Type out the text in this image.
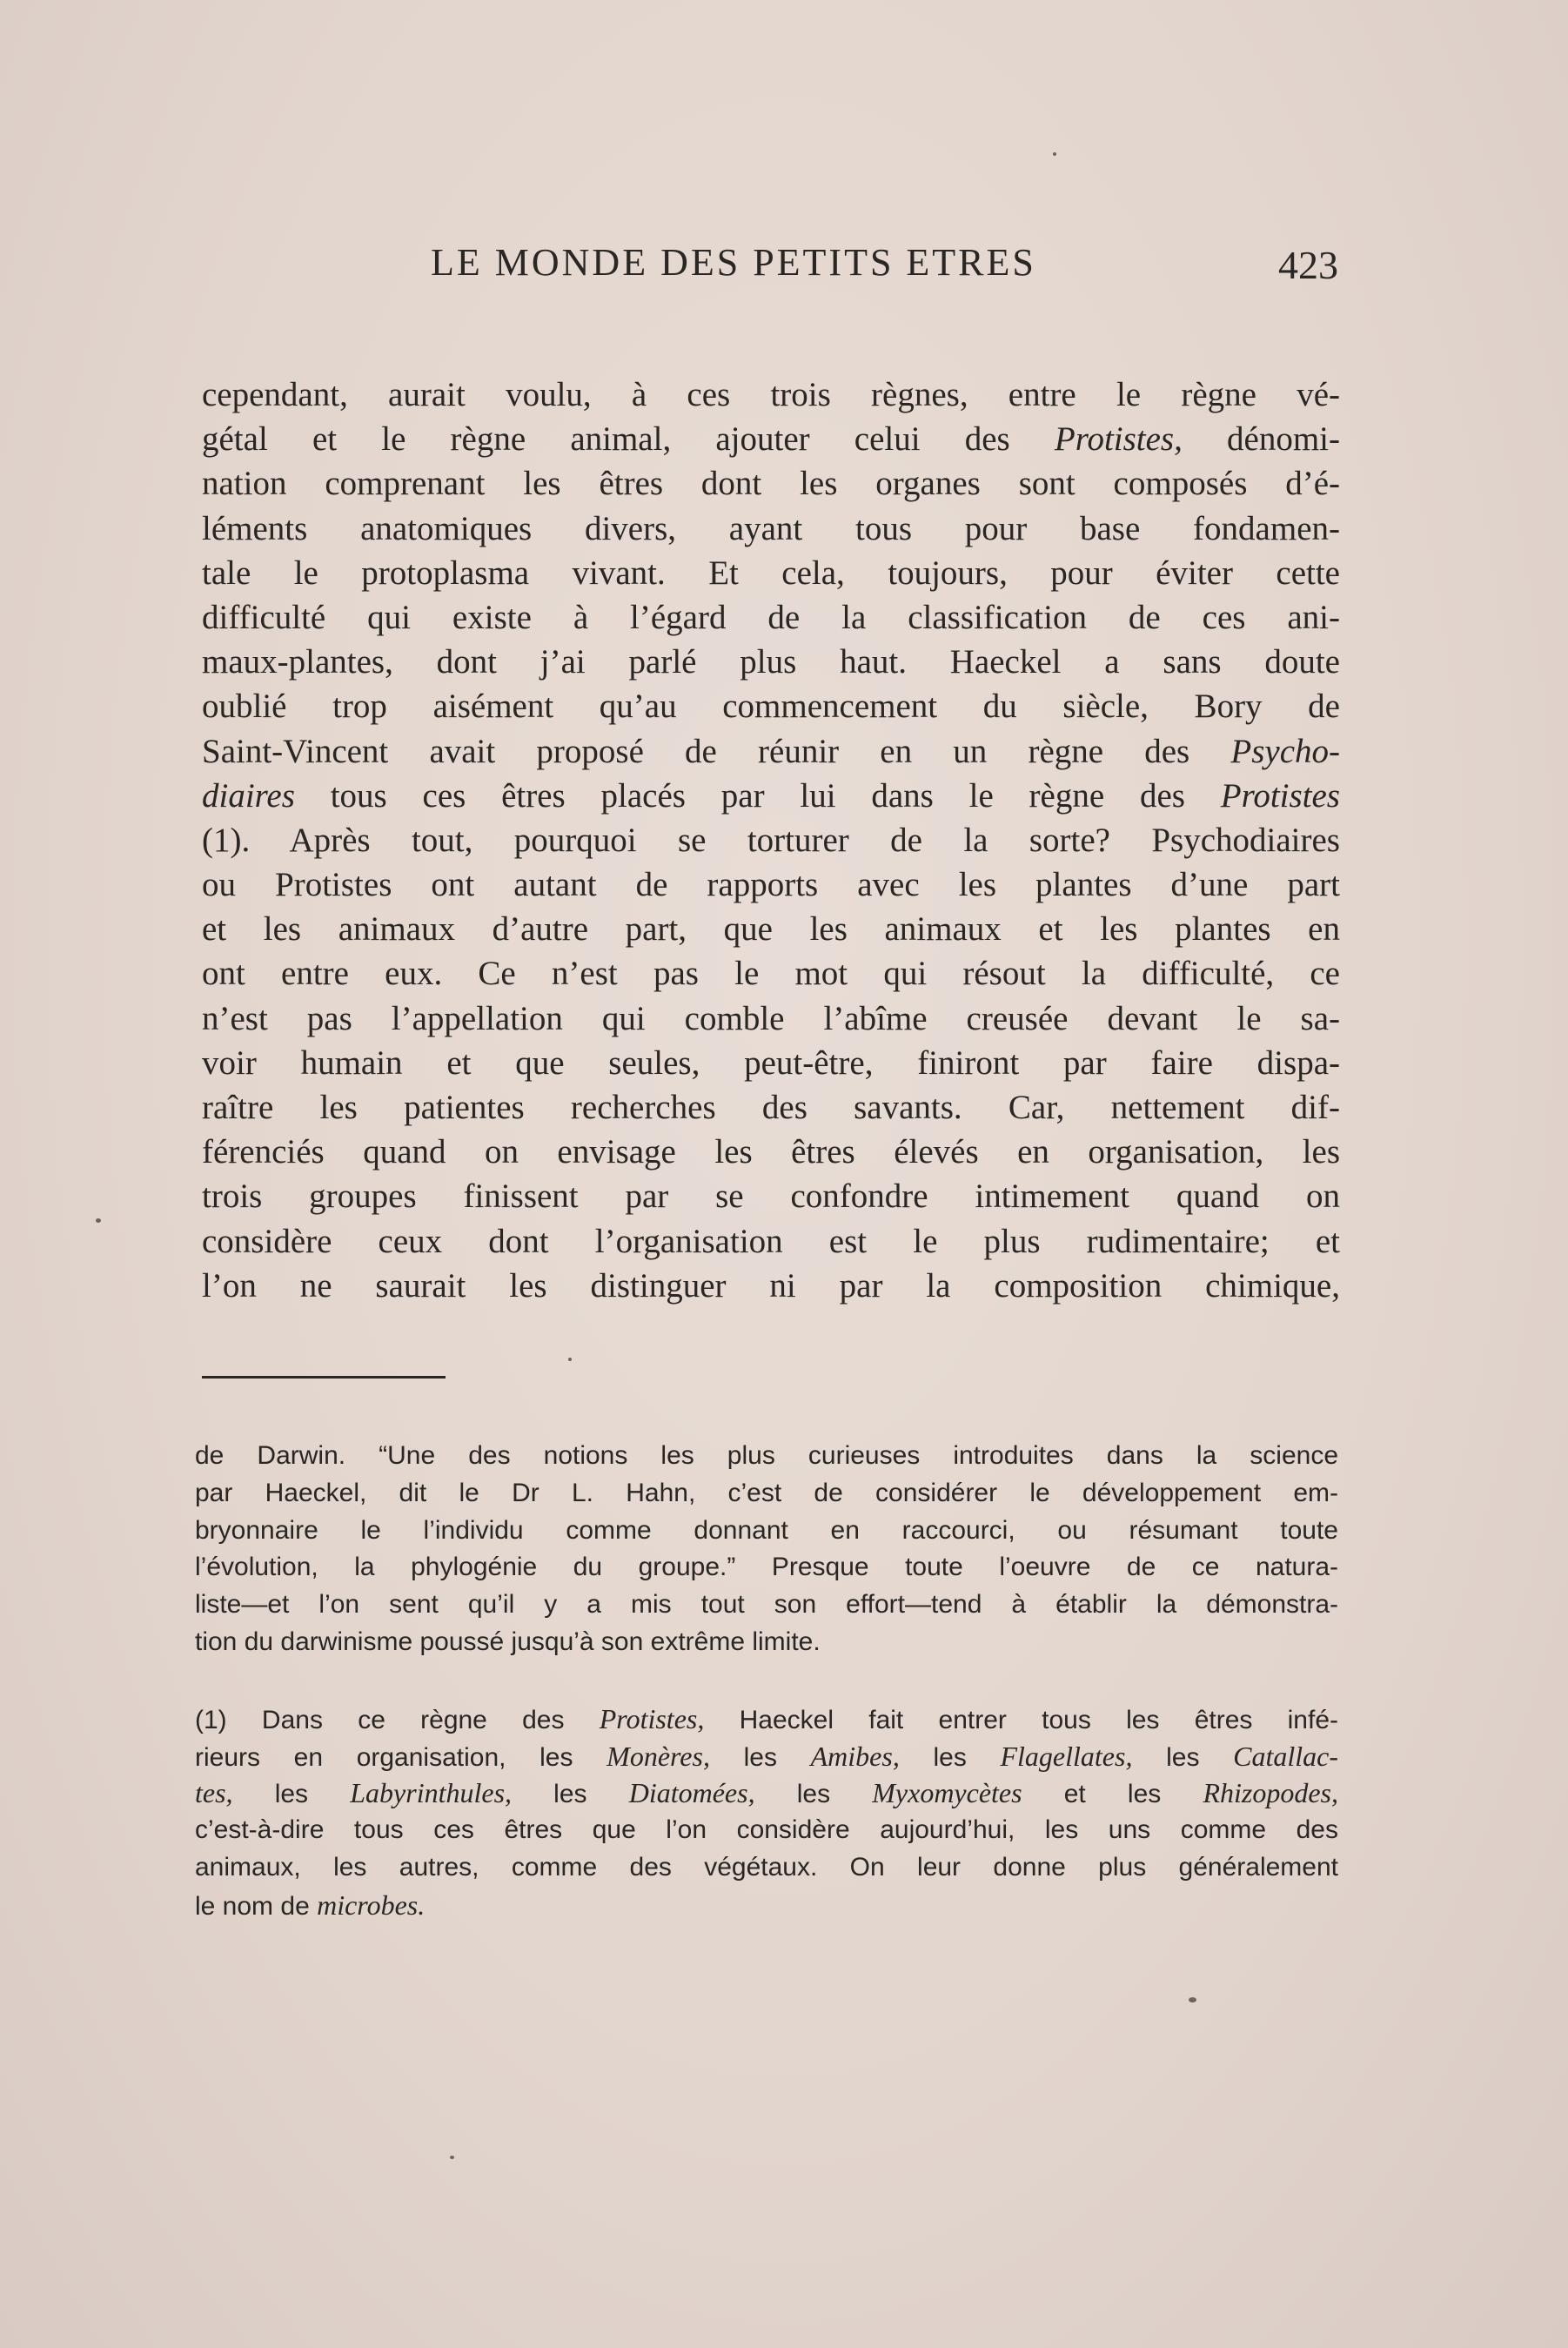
LE MONDE DES PETITS ETRES	423
cependant, aurait voulu, à ces trois règnes, entre le règne vé-
gétal et le règne animal, ajouter celui des Protistes, dénomi-
nation comprenant les êtres dont les organes sont composés d’é-
léments anatomiques divers, ayant tous pour base fondamen-
tale le protoplasma vivant. Et cela, toujours, pour éviter cette
difficulté qui existe à l’égard de la classification de ces ani-
maux-plantes, dont j’ai parlé plus haut. Haeckel a sans doute
oublié trop aisément qu’au commencement du siècle, Bory de
Saint-Vincent avait proposé de réunir en un règne des Psycho-
diaires tous ces êtres placés par lui dans le règne des Protistes
(1). Après tout, pourquoi se torturer de la sorte? Psychodiaires
ou Protistes ont autant de rapports avec les plantes d’une part
et les animaux d’autre part, que les animaux et les plantes en
ont entre eux. Ce n’est pas le mot qui résout la difficulté, ce
n’est pas l’appellation qui comble l’abîme creusée devant le sa-
voir humain et que seules, peut-être, finiront par faire dispa-
raître les patientes recherches des savants. Car, nettement dif-
férenciés quand on envisage les êtres élevés en organisation, les
trois groupes finissent par se confondre intimement quand on
considère ceux dont l’organisation est le plus rudimentaire; et
l’on ne saurait les distinguer ni par la composition chimique,
de Darwin. “Une des notions les plus curieuses introduites dans la science
par Haeckel, dit le Dr L. Hahn, c’est de considérer le développement em-
bryonnaire le l’individu comme donnant en raccourci, ou résumant toute
l’évolution, la phylogénie du groupe.” Presque toute l’oeuvre de ce natura-
liste—et l’on sent qu’il y a mis tout son effort—tend à établir la démonstra-
tion du darwinisme poussé jusqu’à son extrême limite.
(1) Dans ce règne des Protistes, Haeckel fait entrer tous les êtres infé-
rieurs en organisation, les Monères, les Amibes, les Flagellates, les Catallac-
tes, les Labyrinthules, les Diatomées, les Myxomycètes et les Rhizopodes,
c’est-à-dire tous ces êtres que l’on considère aujourd’hui, les uns comme des
animaux, les autres, comme des végétaux. On leur donne plus généralement
le nom de microbes.
